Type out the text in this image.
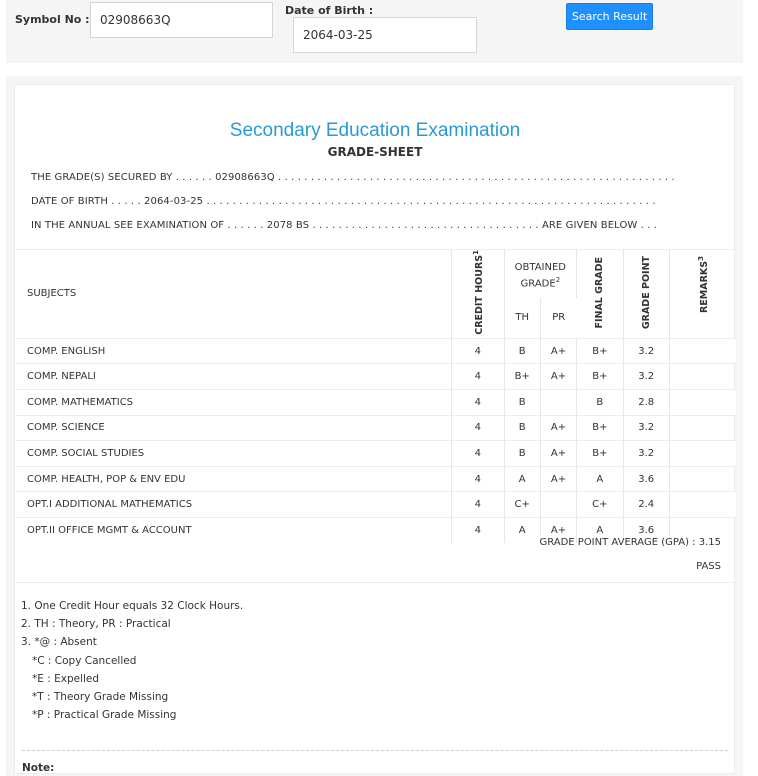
Symbol No : 02908663Q
Date of Birth :
2064-03-25
Search Result
Secondary Education Examination
GRADE-SHEET
THE GRADE(S) SECURED BY . . . . . . 02908663Q . . . . . . . . . . . . . . . . . . . . . . . . . . . . . . . . . . . . . . . . . . . . . . . . . . . . . . . . . . . . .
DATE OF BIRTH . . . . . 2064-03-25 . . . . . . . . . . . . . . . . . . . . . . . . . . . . . . . . . . . . . . . . . . . . . . . . . . . . . . . . . . . . . . . . . . . . .
IN THE ANNUAL SEE EXAMINATION OF . . . . . . 2078 BS . . . . . . . . . . . . . . . . . . . . . . . . . . . . . . . . . . . ARE GIVEN BELOW . . .
SUBJECTS	CREDIT HOURS$^1$	OBTAINED GRADE$^2$		FINAL GRADE	GRADE POINT	REMARKS$^3$
		TH	PR			
COMP. ENGLISH	4	B	A+	B+	3.2	
COMP. NEPALI	4	B+	A+	B+	3.2	
COMP. MATHEMATICS	4	B		B	2.8	
COMP. SCIENCE	4	B	A+	B+	3.2	
COMP. SOCIAL STUDIES	4	B	A+	B+	3.2	
COMP. HEALTH, POP & ENV EDU	4	A	A+	A	3.6	
OPT.I ADDITIONAL MATHEMATICS	4	C+		C+	2.4	
OPT.II OFFICE MGMT & ACCOUNT	4	A	A+	A	3.6	
GRADE POINT AVERAGE (GPA) : 3.15
PASS
1. One Credit Hour equals 32 Clock Hours.
2. TH : Theory, PR : Practical
3. *@ : Absent
*C : Copy Cancelled
*E : Expelled
*T : Theory Grade Missing
*P : Practical Grade Missing
Note:
